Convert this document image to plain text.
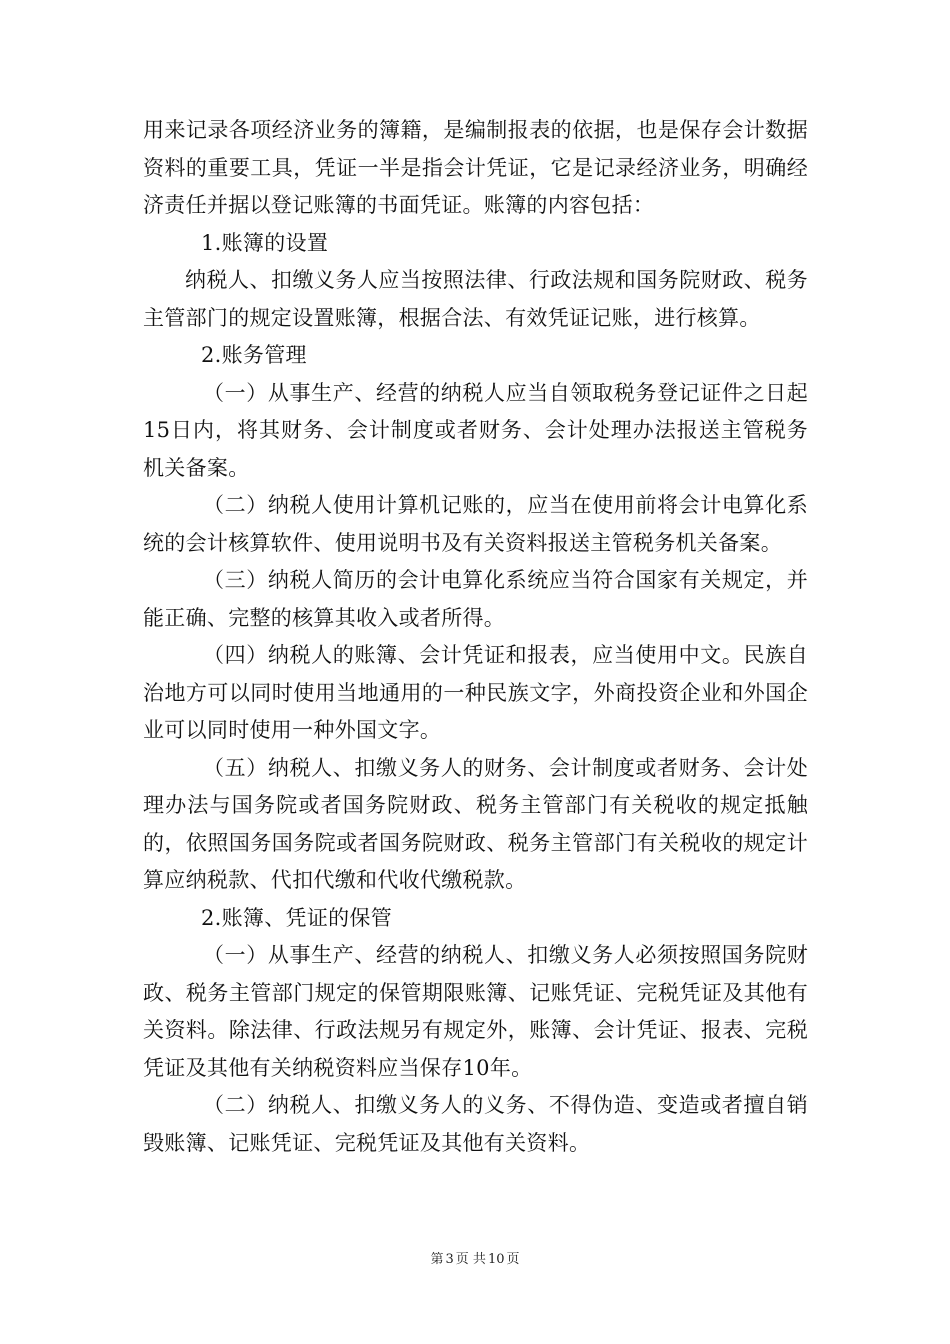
用来记录各项经济业务的簿籍，是编制报表的依据，也是保存会计数据资料的重要工具，凭证一半是指会计凭证，它是记录经济业务，明确经济责任并据以登记账簿的书面凭证。账簿的内容包括：

1.账簿的设置

纳税人、扣缴义务人应当按照法律、行政法规和国务院财政、税务主管部门的规定设置账簿，根据合法、有效凭证记账，进行核算。

2.账务管理

（一）从事生产、经营的纳税人应当自领取税务登记证件之日起15日内，将其财务、会计制度或者财务、会计处理办法报送主管税务机关备案。

（二）纳税人使用计算机记账的，应当在使用前将会计电算化系统的会计核算软件、使用说明书及有关资料报送主管税务机关备案。

（三）纳税人简历的会计电算化系统应当符合国家有关规定，并能正确、完整的核算其收入或者所得。

（四）纳税人的账簿、会计凭证和报表，应当使用中文。民族自治地方可以同时使用当地通用的一种民族文字，外商投资企业和外国企业可以同时使用一种外国文字。

（五）纳税人、扣缴义务人的财务、会计制度或者财务、会计处理办法与国务院或者国务院财政、税务主管部门有关税收的规定抵触的，依照国务国务院或者国务院财政、税务主管部门有关税收的规定计算应纳税款、代扣代缴和代收代缴税款。

2.账簿、凭证的保管

（一）从事生产、经营的纳税人、扣缴义务人必须按照国务院财政、税务主管部门规定的保管期限账簿、记账凭证、完税凭证及其他有关资料。除法律、行政法规另有规定外，账簿、会计凭证、报表、完税凭证及其他有关纳税资料应当保存10年。

（二）纳税人、扣缴义务人的义务、不得伪造、变造或者擅自销毁账簿、记账凭证、完税凭证及其他有关资料。

第 3 页 共 10 页
